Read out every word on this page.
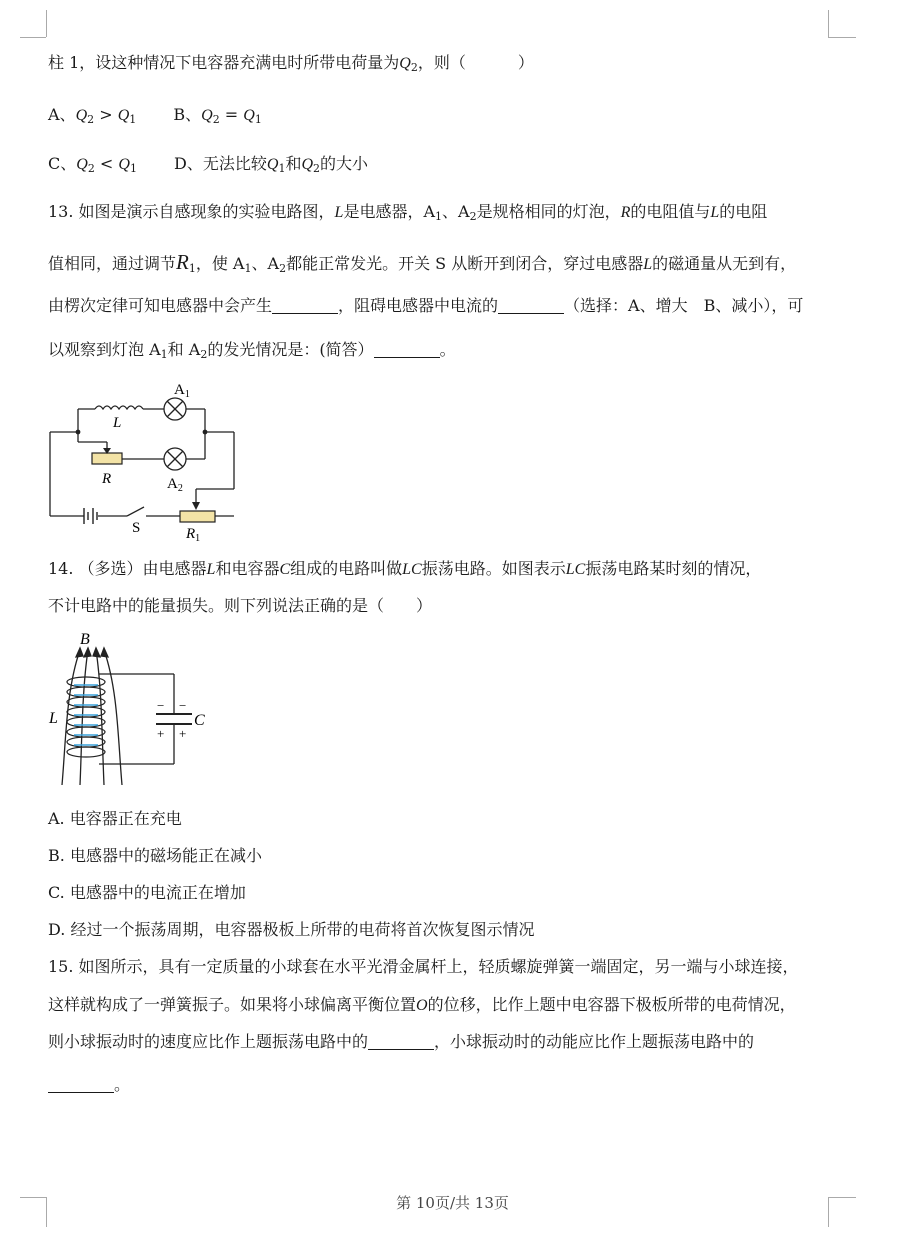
柱 1，设这种情况下电容器充满电时所带电荷量为$Q_2$，则（	）
A、$Q_2 > Q_1$ B、$Q_2 = Q_1$
C、$Q_2 < Q_1$ D、无法比较$Q_1$和$Q_2$的大小
13. 如图是演示自感现象的实验电路图，L是电感器，$A_1$、$A_2$是规格相同的灯泡，R的电阻值与L的电阻
值相同，通过调节$R_1$，使 $A_1$、$A_2$都能正常发光。开关 S 从断开到闭合，穿过电感器L的磁通量从无到有，
由楞次定律可知电感器中会产生	，阻碍电感器中电流的	（选择：A、增大　B、减小），可
以观察到灯泡 $A_1$和 $A_2$的发光情况是：(简答）	。
$A_1$
L
R	$A_2$
S	$R_1$
14. （多选）由电感器L和电容器C组成的电路叫做LC振荡电路。如图表示LC振荡电路某时刻的情况，
不计电路中的能量损失。则下列说法正确的是（　　）
B
L	C
− −
+ +
A. 电容器正在充电
B. 电感器中的磁场能正在减小
C. 电感器中的电流正在增加
D. 经过一个振荡周期，电容器极板上所带的电荷将首次恢复图示情况
15. 如图所示，具有一定质量的小球套在水平光滑金属杆上，轻质螺旋弹簧一端固定，另一端与小球连接，
这样就构成了一弹簧振子。如果将小球偏离平衡位置O的位移，比作上题中电容器下极板所带的电荷情况，
则小球振动时的速度应比作上题振荡电路中的	，小球振动时的动能应比作上题振荡电路中的
。
第 10页/共 13页
